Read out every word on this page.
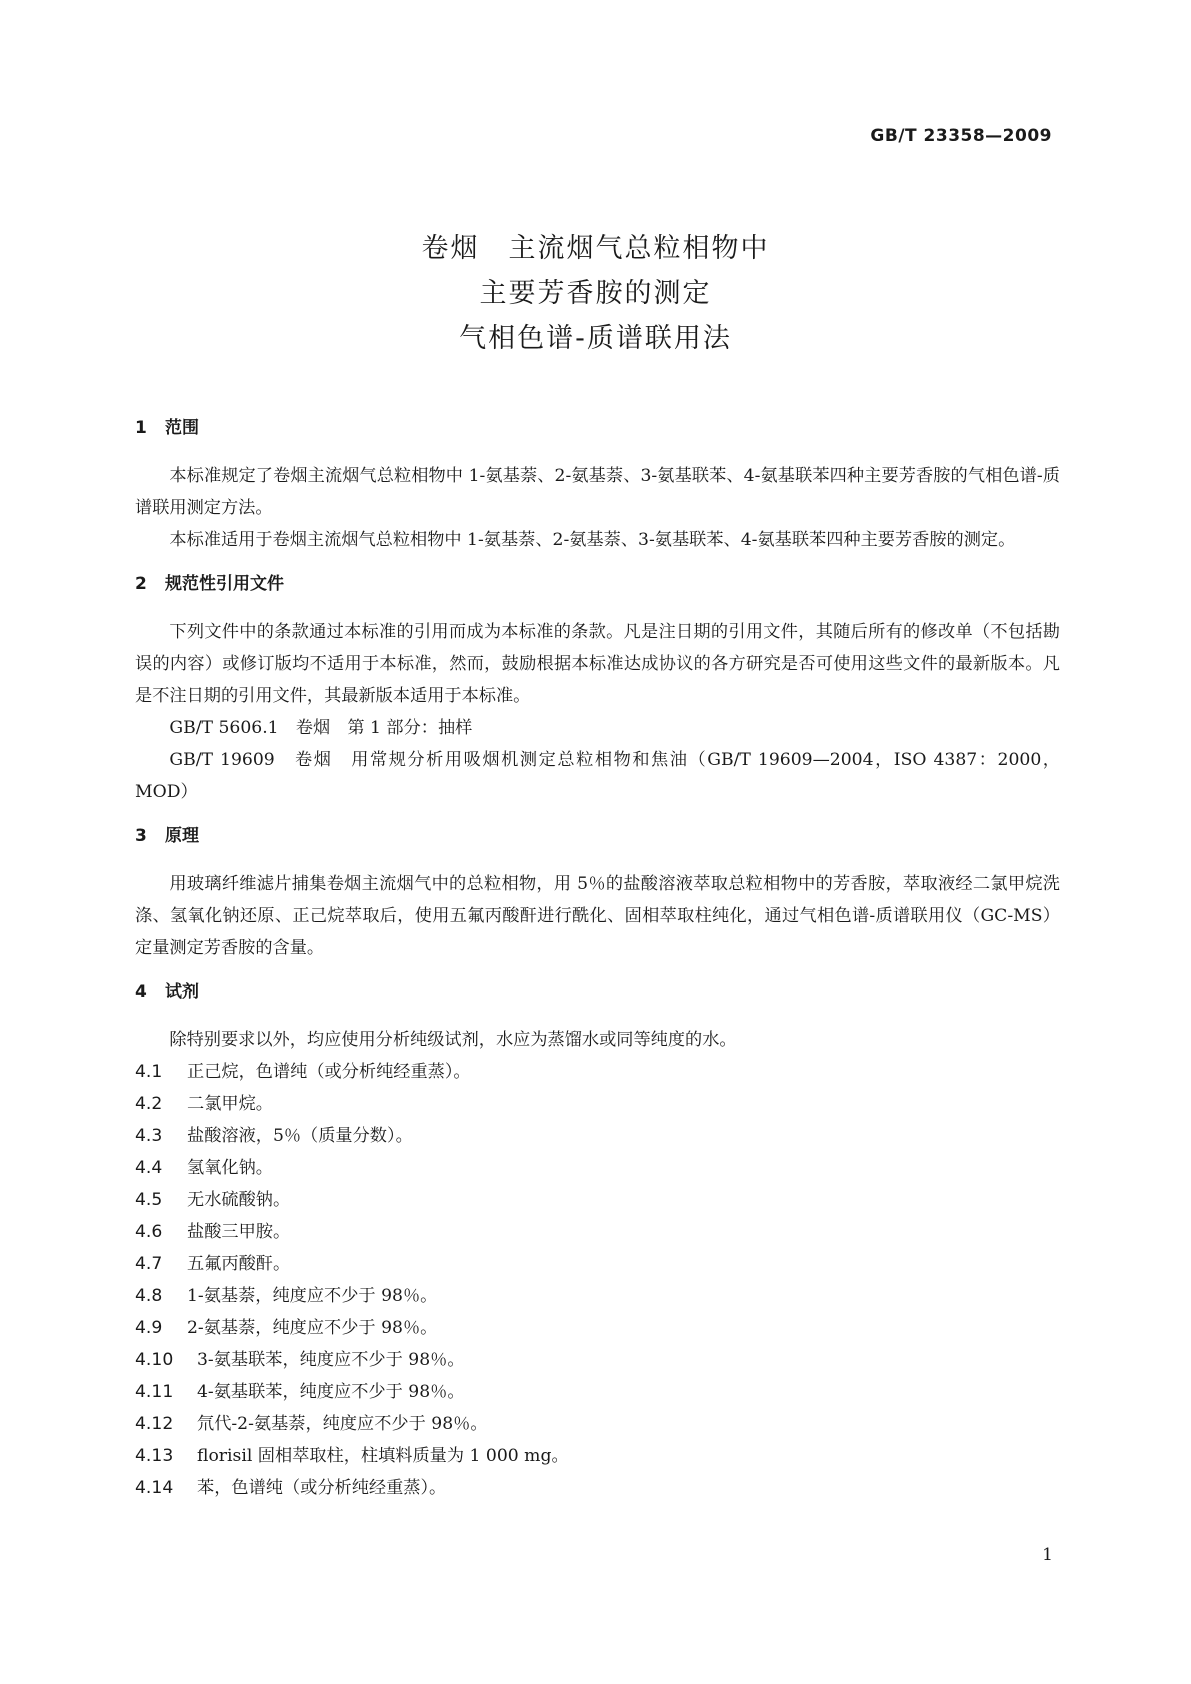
GB/T 23358—2009
卷烟　主流烟气总粒相物中
主要芳香胺的测定
气相色谱-质谱联用法
1 范围

本标准规定了卷烟主流烟气总粒相物中 1-氨基萘、2-氨基萘、3-氨基联苯、4-氨基联苯四种主要芳香胺的气相色谱-质谱联用测定方法。

本标准适用于卷烟主流烟气总粒相物中 1-氨基萘、2-氨基萘、3-氨基联苯、4-氨基联苯四种主要芳香胺的测定。

2 规范性引用文件

下列文件中的条款通过本标准的引用而成为本标准的条款。凡是注日期的引用文件，其随后所有的修改单（不包括勘误的内容）或修订版均不适用于本标准，然而，鼓励根据本标准达成协议的各方研究是否可使用这些文件的最新版本。凡是不注日期的引用文件，其最新版本适用于本标准。

GB/T 5606.1　卷烟　第 1 部分：抽样

GB/T 19609　卷烟　用常规分析用吸烟机测定总粒相物和焦油（GB/T 19609—2004，ISO 4387：2000，MOD）

3 原理

用玻璃纤维滤片捕集卷烟主流烟气中的总粒相物，用 5％的盐酸溶液萃取总粒相物中的芳香胺，萃取液经二氯甲烷洗涤、氢氧化钠还原、正己烷萃取后，使用五氟丙酸酐进行酰化、固相萃取柱纯化，通过气相色谱-质谱联用仪（GC-MS）定量测定芳香胺的含量。

4 试剂

除特别要求以外，均应使用分析纯级试剂，水应为蒸馏水或同等纯度的水。

4.1 正己烷，色谱纯（或分析纯经重蒸）。

4.2 二氯甲烷。

4.3 盐酸溶液，5％（质量分数）。

4.4 氢氧化钠。

4.5 无水硫酸钠。

4.6 盐酸三甲胺。

4.7 五氟丙酸酐。

4.8 1-氨基萘，纯度应不少于 98％。

4.9 2-氨基萘，纯度应不少于 98％。

4.10 3-氨基联苯，纯度应不少于 98％。

4.11 4-氨基联苯，纯度应不少于 98％。

4.12 氘代-2-氨基萘，纯度应不少于 98％。

4.13 florisil 固相萃取柱，柱填料质量为 1 000 mg。

4.14 苯，色谱纯（或分析纯经重蒸）。

1
